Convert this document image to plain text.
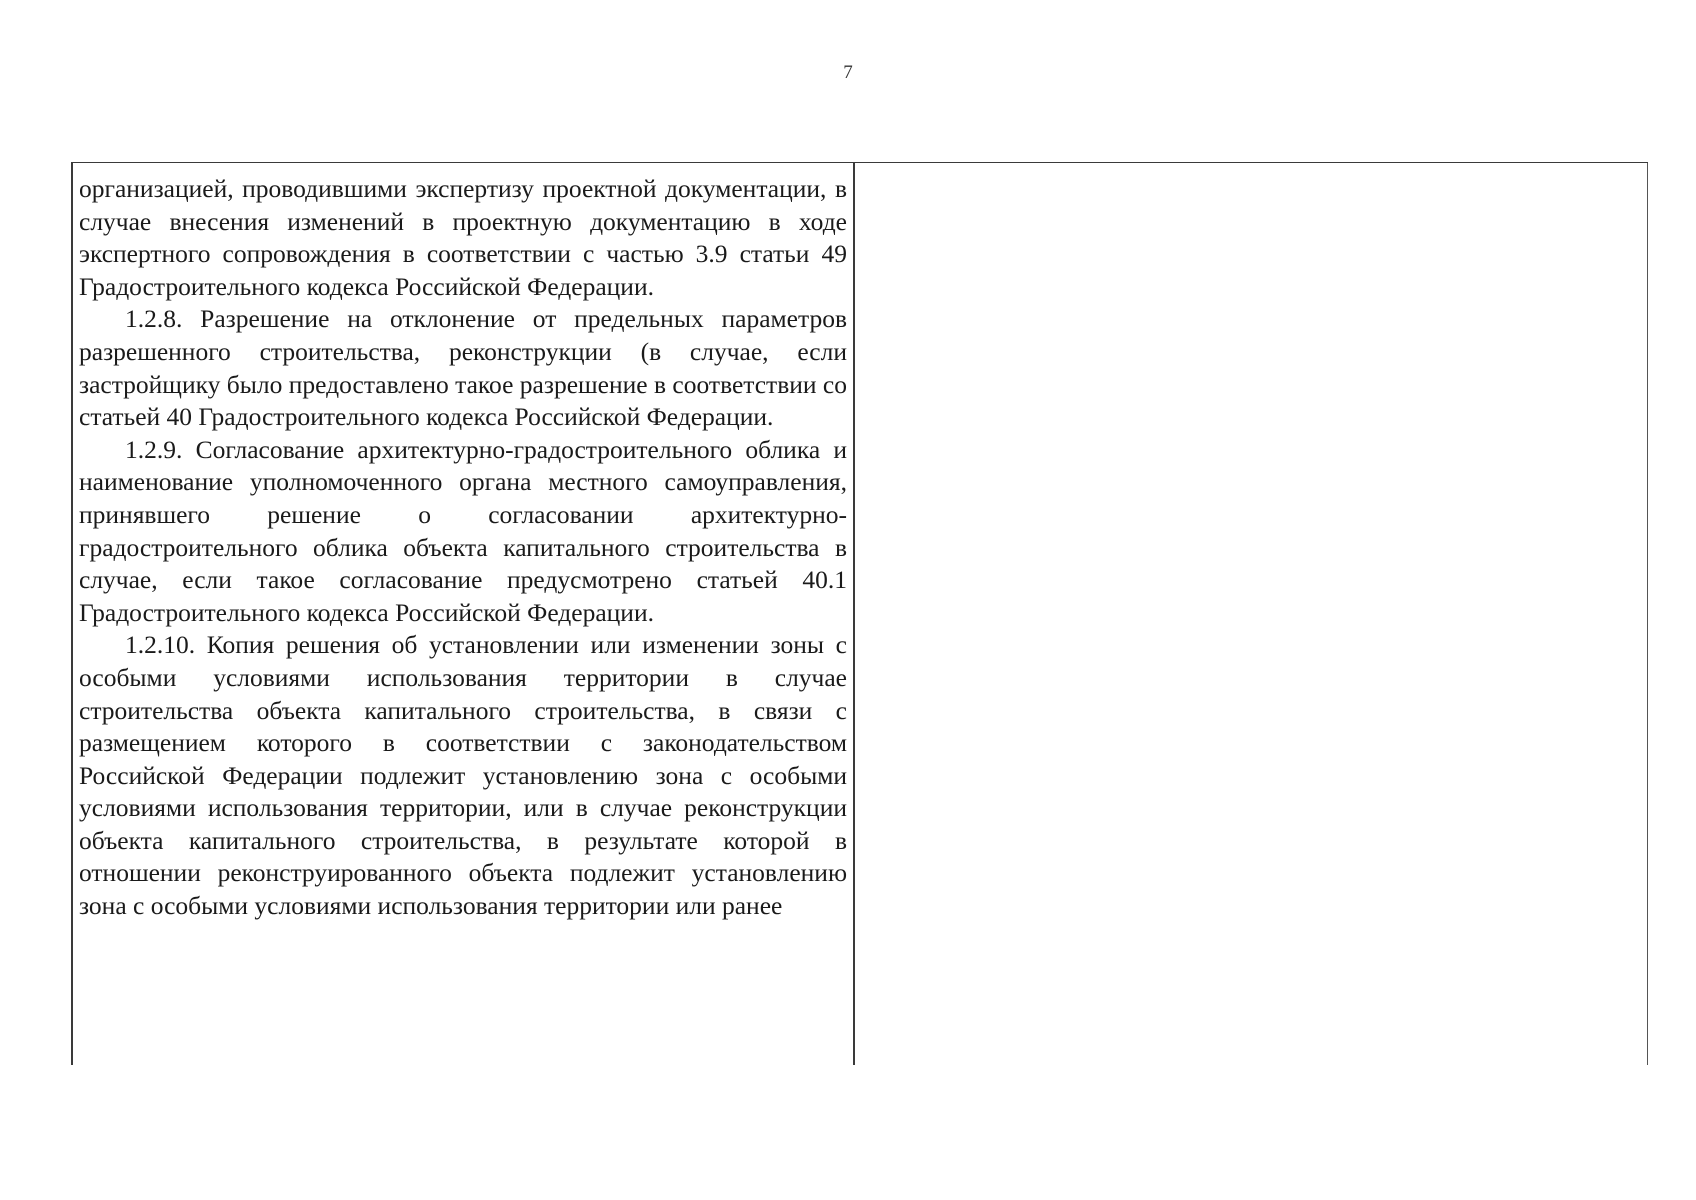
7

организацией, проводившими экспертизу проектной документации, в случае внесения изменений в проектную документацию в ходе экспертного сопровождения в соответствии с частью 3.9 статьи 49 Градостроительного кодекса Российской Федерации.

1.2.8. Разрешение на отклонение от предельных параметров разрешенного строительства, реконструкции (в случае, если застройщику было предоставлено такое разрешение в соответствии со статьей 40 Градостроительного кодекса Российской Федерации.

1.2.9. Согласование архитектурно-градостроительного облика и наименование уполномоченного органа местного самоуправления, принявшего решение о согласовании архитектурно-градостроительного облика объекта капитального строительства в случае, если такое согласование предусмотрено статьей 40.1 Градостроительного кодекса Российской Федерации.

1.2.10. Копия решения об установлении или изменении зоны с особыми условиями использования территории в случае строительства объекта капитального строительства, в связи с размещением которого в соответствии с законодательством Российской Федерации подлежит установлению зона с особыми условиями использования территории, или в случае реконструкции объекта капитального строительства, в результате которой в отношении реконструированного объекта подлежит установлению зона с особыми условиями использования территории или ранее
